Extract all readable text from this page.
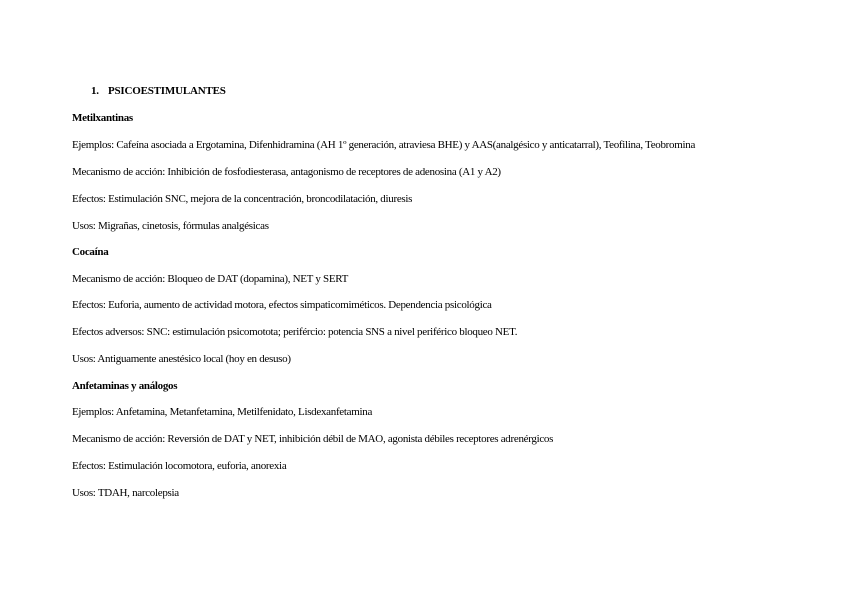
1. PSICOESTIMULANTES
Metilxantinas
Ejemplos: Cafeína asociada a Ergotamina, Difenhidramina (AH 1º generación, atraviesa BHE) y AAS(analgésico y anticatarral), Teofilina, Teobromina
Mecanismo de acción: Inhibición de fosfodiesterasa, antagonismo de receptores de adenosina (A1 y A2)
Efectos: Estimulación SNC, mejora de la concentración, broncodilatación, diuresis
Usos: Migrañas, cinetosis, fórmulas analgésicas
Cocaína
Mecanismo de acción: Bloqueo de DAT (dopamina), NET y SERT
Efectos: Euforia, aumento de actividad motora, efectos simpaticomiméticos. Dependencia psicológica
Efectos adversos: SNC: estimulación psicomotota; perifércio: potencia SNS a nivel periférico bloqueo NET.
Usos: Antiguamente anestésico local (hoy en desuso)
Anfetaminas y análogos
Ejemplos: Anfetamina, Metanfetamina, Metilfenidato, Lisdexanfetamina
Mecanismo de acción: Reversión de DAT y NET, inhibición débil de MAO, agonista débiles receptores adrenérgicos
Efectos: Estimulación locomotora, euforia, anorexia
Usos: TDAH, narcolepsia
